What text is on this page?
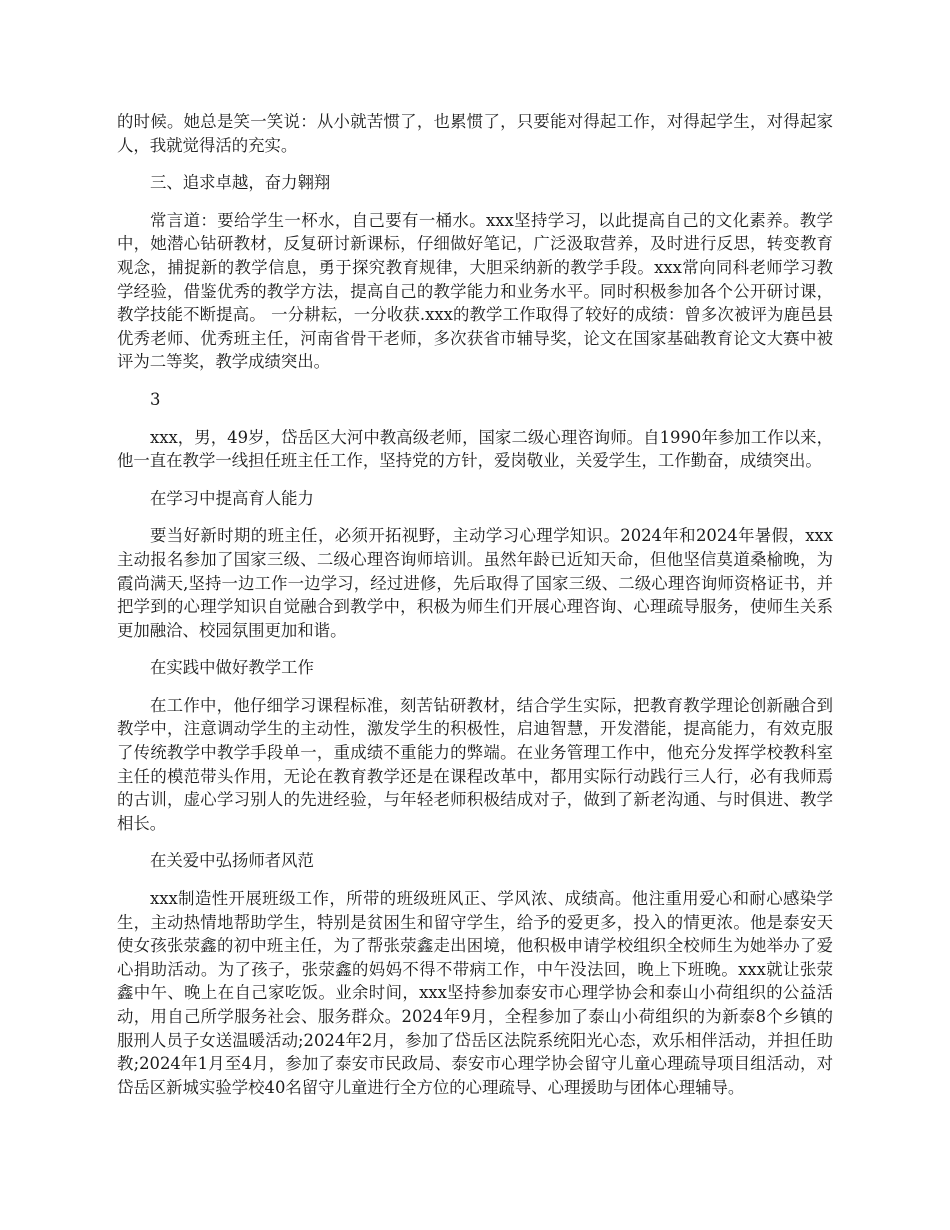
的时候。她总是笑一笑说：从小就苦惯了，也累惯了，只要能对得起工作，对得起学生，对得起家人，我就觉得活的充实。

三、追求卓越，奋力翱翔

常言道：要给学生一杯水，自己要有一桶水。xxx坚持学习，以此提高自己的文化素养。教学中，她潜心钻研教材，反复研讨新课标，仔细做好笔记，广泛汲取营养，及时进行反思，转变教育观念，捕捉新的教学信息，勇于探究教育规律，大胆采纳新的教学手段。xxx常向同科老师学习教学经验，借鉴优秀的教学方法，提高自己的教学能力和业务水平。同时积极参加各个公开研讨课，教学技能不断提高。 一分耕耘，一分收获.xxx的教学工作取得了较好的成绩：曾多次被评为鹿邑县优秀老师、优秀班主任，河南省骨干老师，多次获省市辅导奖，论文在国家基础教育论文大赛中被评为二等奖，教学成绩突出。

3

xxx，男，49岁，岱岳区大河中教高级老师，国家二级心理咨询师。自1990年参加工作以来，他一直在教学一线担任班主任工作，坚持党的方针，爱岗敬业，关爱学生，工作勤奋，成绩突出。

在学习中提高育人能力

要当好新时期的班主任，必须开拓视野，主动学习心理学知识。2024年和2024年暑假，xxx主动报名参加了国家三级、二级心理咨询师培训。虽然年龄已近知天命，但他坚信莫道桑榆晚，为霞尚满天,坚持一边工作一边学习，经过进修，先后取得了国家三级、二级心理咨询师资格证书，并把学到的心理学知识自觉融合到教学中，积极为师生们开展心理咨询、心理疏导服务，使师生关系更加融洽、校园氛围更加和谐。

在实践中做好教学工作

在工作中，他仔细学习课程标准，刻苦钻研教材，结合学生实际，把教育教学理论创新融合到教学中，注意调动学生的主动性，激发学生的积极性，启迪智慧，开发潜能，提高能力，有效克服了传统教学中教学手段单一，重成绩不重能力的弊端。在业务管理工作中，他充分发挥学校教科室主任的模范带头作用，无论在教育教学还是在课程改革中，都用实际行动践行三人行，必有我师焉的古训，虚心学习别人的先进经验，与年轻老师积极结成对子，做到了新老沟通、与时俱进、教学相长。

在关爱中弘扬师者风范

xxx制造性开展班级工作，所带的班级班风正、学风浓、成绩高。他注重用爱心和耐心感染学生，主动热情地帮助学生，特别是贫困生和留守学生，给予的爱更多，投入的情更浓。他是泰安天使女孩张荥鑫的初中班主任，为了帮张荥鑫走出困境，他积极申请学校组织全校师生为她举办了爱心捐助活动。为了孩子，张荥鑫的妈妈不得不带病工作，中午没法回，晚上下班晚。xxx就让张荥鑫中午、晚上在自己家吃饭。业余时间，xxx坚持参加泰安市心理学协会和泰山小荷组织的公益活动，用自己所学服务社会、服务群众。2024年9月，全程参加了泰山小荷组织的为新泰8个乡镇的服刑人员子女送温暖活动;2024年2月，参加了岱岳区法院系统阳光心态，欢乐相伴活动，并担任助教;2024年1月至4月，参加了泰安市民政局、泰安市心理学协会留守儿童心理疏导项目组活动，对岱岳区新城实验学校40名留守儿童进行全方位的心理疏导、心理援助与团体心理辅导。
